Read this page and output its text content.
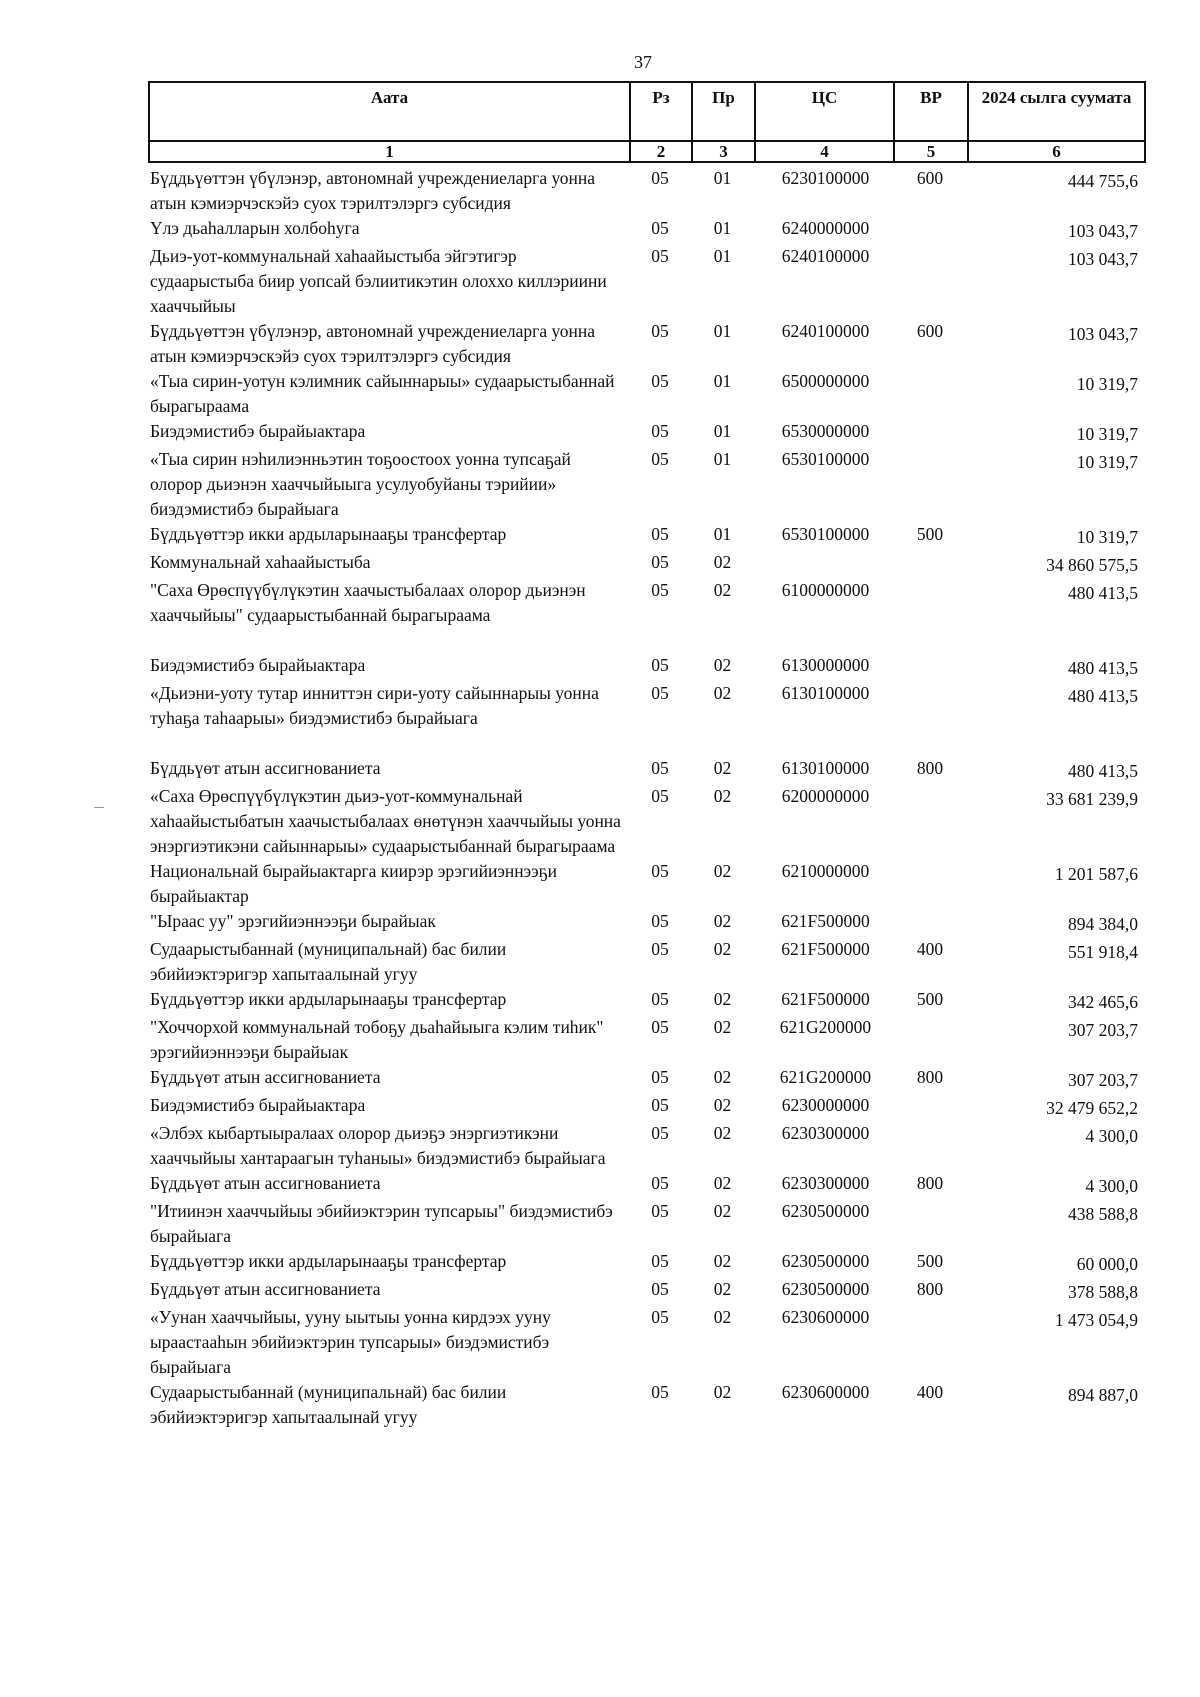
37
Аата	Рз	Пр	ЦС	ВР	2024 сылга суумата
1	2	3	4	5	6
Бүддьүөттэн үбүлэнэр, автономнай учреждениеларга уонна атын кэмиэрчэскэйэ суох тэрилтэлэргэ субсидия	05	01	6230100000	600	444 755,6
Үлэ дьаһалларын холбоһуга	05	01	6240000000		103 043,7
Дьиэ-уот-коммунальнай хаһаайыстыба эйгэтигэр судаарыстыба биир уопсай бэлиитикэтин олоххо киллэриини хааччыйыы	05	01	6240100000		103 043,7
Бүддьүөттэн үбүлэнэр, автономнай учреждениеларга уонна атын кэмиэрчэскэйэ суох тэрилтэлэргэ субсидия	05	01	6240100000	600	103 043,7
«Тыа сирин-уотун кэлимник сайыннарыы» судаарыстыбаннай бырагыраама	05	01	6500000000		10 319,7
Биэдэмистибэ бырайыактара	05	01	6530000000		10 319,7
«Тыа сирин нэһилиэнньэтин тоҕоостоох уонна тупсаҕай олорор дьиэнэн хааччыйыыга усулуобуйаны тэрийии» биэдэмистибэ бырайыага	05	01	6530100000		10 319,7
Бүддьүөттэр икки ардыларынааҕы трансфертар	05	01	6530100000	500	10 319,7
Коммунальнай хаһаайыстыба	05	02			34 860 575,5
"Саха Өрөспүүбүлүкэтин хаачыстыбалаах олорор дьиэнэн хааччыйыы" судаарыстыбаннай бырагыраама	05	02	6100000000		480 413,5
Биэдэмистибэ бырайыактара	05	02	6130000000		480 413,5
«Дьиэни-уоту тутар инниттэн сири-уоту сайыннарыы уонна туһаҕа таһаарыы» биэдэмистибэ бырайыага	05	02	6130100000		480 413,5
Бүддьүөт атын ассигнованиета	05	02	6130100000	800	480 413,5
«Саха Өрөспүүбүлүкэтин дьиэ-уот-коммунальнай хаһаайыстыбатын хаачыстыбалаах өнөтүнэн хааччыйыы уонна энэргиэтикэни сайыннарыы» судаарыстыбаннай бырагыраама	05	02	6200000000		33 681 239,9
Национальнай бырайыактарга киирэр эрэгийиэннээҕи бырайыактар	05	02	6210000000		1 201 587,6
"Ыраас уу" эрэгийиэннээҕи бырайыак	05	02	621F500000		894 384,0
Судаарыстыбаннай (муниципальнай) бас билии эбийиэктэригэр хапытаалынай угуу	05	02	621F500000	400	551 918,4
Бүддьүөттэр икки ардыларынааҕы трансфертар	05	02	621F500000	500	342 465,6
"Хоччорхой коммунальнай тобоҕу дьаһайыыга кэлим тиһик" эрэгийиэннээҕи бырайыак	05	02	621G200000		307 203,7
Бүддьүөт атын ассигнованиета	05	02	621G200000	800	307 203,7
Биэдэмистибэ бырайыактара	05	02	6230000000		32 479 652,2
«Элбэх кыбартыыралаах олорор дьиэҕэ энэргиэтикэни хааччыйыы хантараагын туһаныы» биэдэмистибэ бырайыага	05	02	6230300000		4 300,0
Бүддьүөт атын ассигнованиета	05	02	6230300000	800	4 300,0
"Итиинэн хааччыйыы эбийиэктэрин тупсарыы" биэдэмистибэ бырайыага	05	02	6230500000		438 588,8
Бүддьүөттэр икки ардыларынааҕы трансфертар	05	02	6230500000	500	60 000,0
Бүддьүөт атын ассигнованиета	05	02	6230500000	800	378 588,8
«Уунан хааччыйыы, ууну ыытыы уонна кирдээх ууну ыраастааһын эбийиэктэрин тупсарыы» биэдэмистибэ бырайыага	05	02	6230600000		1 473 054,9
Судаарыстыбаннай (муниципальнай) бас билии эбийиэктэригэр хапытаалынай угуу	05	02	6230600000	400	894 887,0
